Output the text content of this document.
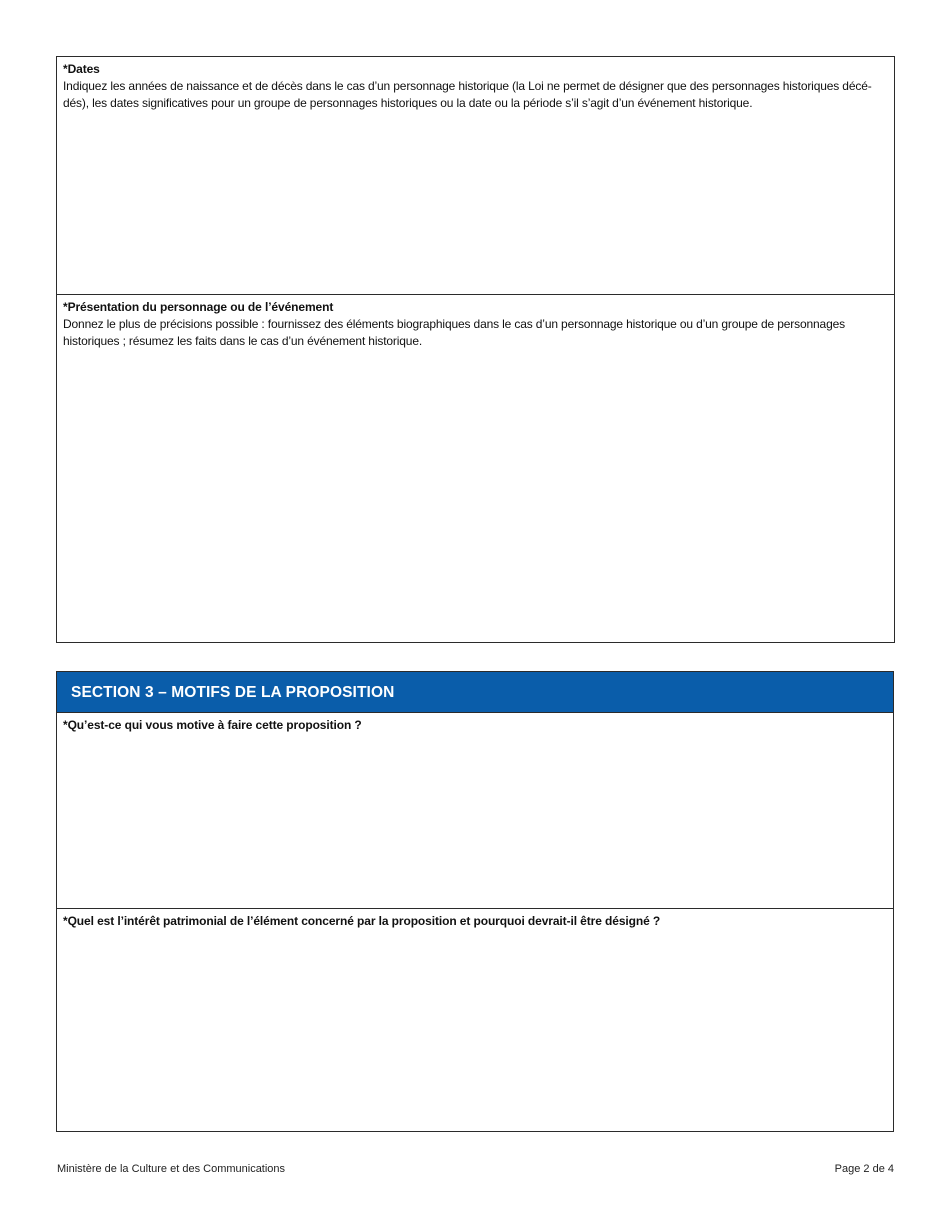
*Dates
Indiquez les années de naissance et de décès dans le cas d’un personnage historique (la Loi ne permet de désigner que des personnages historiques décé-dés), les dates significatives pour un groupe de personnages historiques ou la date ou la période s’il s’agit d’un événement historique.
*Présentation du personnage ou de l’événement
Donnez le plus de précisions possible : fournissez des éléments biographiques dans le cas d’un personnage historique ou d’un groupe de personnages historiques ; résumez les faits dans le cas d’un événement historique.
SECTION 3 – MOTIFS DE LA PROPOSITION
*Qu’est-ce qui vous motive à faire cette proposition ?
*Quel est l’intérêt patrimonial de l’élément concerné par la proposition et pourquoi devrait-il être désigné ?
Ministère de la Culture et des Communications	Page 2 de 4
